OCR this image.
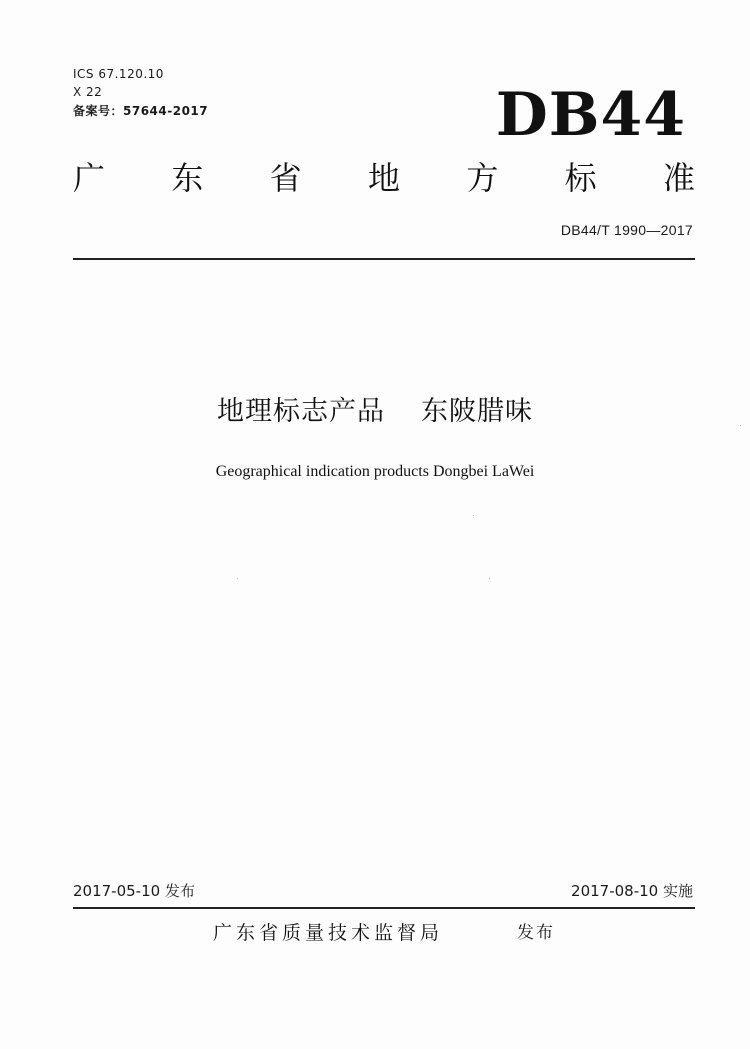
ICS 67.120.10
X 22
备案号：57644-2017	DB44
广 东 省 地 方 标 准
DB44/T 1990—2017
地理标志产品 东陂腊味
Geographical indication products Dongbei LaWei
2017-05-10 发布	2017-08-10 实施
广东省质量技术监督局	发布
